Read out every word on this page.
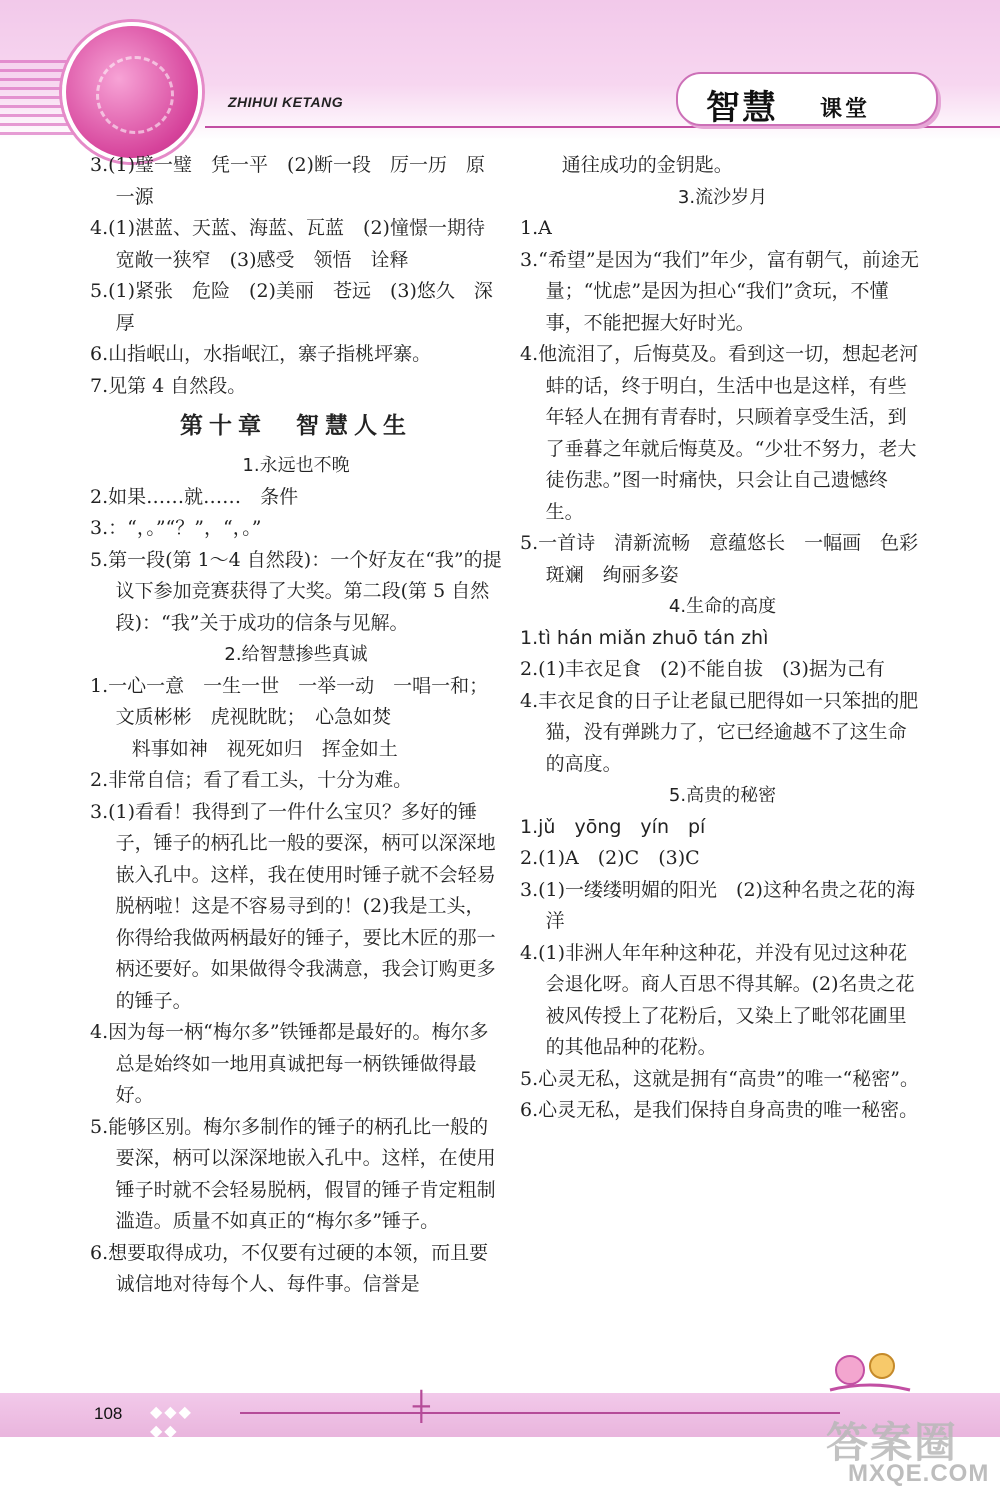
ZHIHUI KETANG	智慧 课堂

3.(1)璧一璧　凭一平　(2)断一段　厉一历　原一源

4.(1)湛蓝、天蓝、海蓝、瓦蓝　(2)憧憬一期待　宽敞一狭窄　(3)感受　领悟　诠释

5.(1)紧张　危险　(2)美丽　苍远　(3)悠久　深厚

6.山指岷山，水指岷江，寨子指桃坪寨。

7.见第 4 自然段。

第十章　智慧人生

1.永远也不晚

2.如果……就……　条件

3.：“，。”“？”，“，。”

5.第一段(第 1～4 自然段)：一个好友在“我”的提议下参加竞赛获得了大奖。第二段(第 5 自然段)：“我”关于成功的信条与见解。

2.给智慧掺些真诚

1.一心一意　一生一世　一举一动　一唱一和；文质彬彬　虎视眈眈；　心急如焚

料事如神　视死如归　挥金如土

2.非常自信；看了看工头，十分为难。

3.(1)看看！我得到了一件什么宝贝？多好的锤子，锤子的柄孔比一般的要深，柄可以深深地嵌入孔中。这样，我在使用时锤子就不会轻易脱柄啦！这是不容易寻到的！(2)我是工头，你得给我做两柄最好的锤子，要比木匠的那一柄还要好。如果做得令我满意，我会订购更多的锤子。

4.因为每一柄“梅尔多”铁锤都是最好的。梅尔多总是始终如一地用真诚把每一柄铁锤做得最好。

5.能够区别。梅尔多制作的锤子的柄孔比一般的要深，柄可以深深地嵌入孔中。这样，在使用锤子时就不会轻易脱柄，假冒的锤子肯定粗制滥造。质量不如真正的“梅尔多”锤子。

6.想要取得成功，不仅要有过硬的本领，而且要诚信地对待每个人、每件事。信誉是

通往成功的金钥匙。

3.流沙岁月

1.A

3.“希望”是因为“我们”年少，富有朝气，前途无量；“忧虑”是因为担心“我们”贪玩，不懂事，不能把握大好时光。

4.他流泪了，后悔莫及。看到这一切，想起老河蚌的话，终于明白，生活中也是这样，有些年轻人在拥有青春时，只顾着享受生活，到了垂暮之年就后悔莫及。“少壮不努力，老大徒伤悲。”图一时痛快，只会让自己遗憾终生。

5.一首诗　清新流畅　意蕴悠长　一幅画　色彩斑斓　绚丽多姿

4.生命的高度

1.tì hán miǎn zhuō tán zhì

2.(1)丰衣足食　(2)不能自拔　(3)据为己有

4.丰衣足食的日子让老鼠已肥得如一只笨拙的肥猫，没有弹跳力了，它已经逾越不了这生命的高度。

5.高贵的秘密

1.jǔ　yōng　yín　pí

2.(1)A　(2)C　(3)C

3.(1)一缕缕明媚的阳光　(2)这种名贵之花的海洋

4.(1)非洲人年年种这种花，并没有见过这种花会退化呀。商人百思不得其解。(2)名贵之花被风传授上了花粉后，又染上了毗邻花圃里的其他品种的花粉。

5.心灵无私，这就是拥有“高贵”的唯一“秘密”。

6.心灵无私，是我们保持自身高贵的唯一秘密。

108 ◆◆◆
◆◆
┼
答案圈
MXQE.COM
